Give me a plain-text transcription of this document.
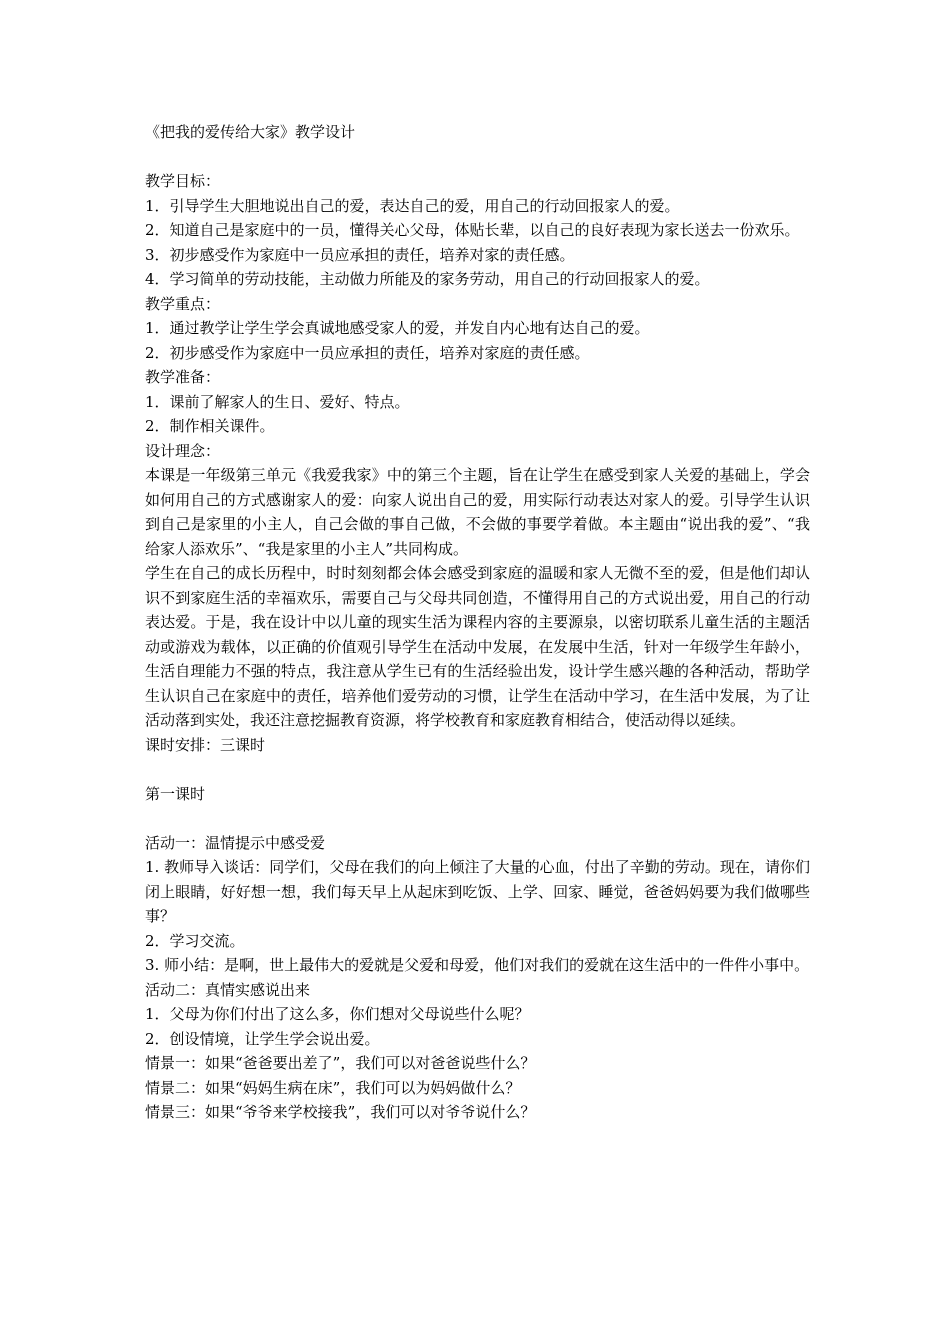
《把我的爱传给大家》教学设计

教学目标：

1．引导学生大胆地说出自己的爱，表达自己的爱，用自己的行动回报家人的爱。

2．知道自己是家庭中的一员，懂得关心父母，体贴长辈，以自己的良好表现为家长送去一份欢乐。

3．初步感受作为家庭中一员应承担的责任，培养对家的责任感。

4．学习简单的劳动技能，主动做力所能及的家务劳动，用自己的行动回报家人的爱。

教学重点：

1．通过教学让学生学会真诚地感受家人的爱，并发自内心地有达自己的爱。

2．初步感受作为家庭中一员应承担的责任，培养对家庭的责任感。

教学准备：

1．课前了解家人的生日、爱好、特点。

2．制作相关课件。

设计理念：

本课是一年级第三单元《我爱我家》中的第三个主题，旨在让学生在感受到家人关爱的基础上，学会如何用自己的方式感谢家人的爱：向家人说出自己的爱，用实际行动表达对家人的爱。引导学生认识到自己是家里的小主人，自己会做的事自己做，不会做的事要学着做。本主题由“说出我的爱”、“我给家人添欢乐”、“我是家里的小主人”共同构成。

学生在自己的成长历程中，时时刻刻都会体会感受到家庭的温暖和家人无微不至的爱，但是他们却认识不到家庭生活的幸福欢乐，需要自己与父母共同创造，不懂得用自己的方式说出爱，用自己的行动表达爱。于是，我在设计中以儿童的现实生活为课程内容的主要源泉，以密切联系儿童生活的主题活动或游戏为载体，以正确的价值观引导学生在活动中发展，在发展中生活，针对一年级学生年龄小，生活自理能力不强的特点，我注意从学生已有的生活经验出发，设计学生感兴趣的各种活动，帮助学生认识自己在家庭中的责任，培养他们爱劳动的习惯，让学生在活动中学习，在生活中发展，为了让活动落到实处，我还注意挖掘教育资源，将学校教育和家庭教育相结合，使活动得以延续。

课时安排：三课时

第一课时

活动一：温情提示中感受爱

1. 教师导入谈话：同学们，父母在我们的向上倾注了大量的心血，付出了辛勤的劳动。现在，请你们闭上眼睛，好好想一想，我们每天早上从起床到吃饭、上学、回家、睡觉，爸爸妈妈要为我们做哪些事？

2．学习交流。

3. 师小结：是啊，世上最伟大的爱就是父爱和母爱，他们对我们的爱就在这生活中的一件件小事中。

活动二：真情实感说出来

1．父母为你们付出了这么多，你们想对父母说些什么呢？

2．创设情境，让学生学会说出爱。

情景一：如果“爸爸要出差了”，我们可以对爸爸说些什么？

情景二：如果“妈妈生病在床”，我们可以为妈妈做什么？

情景三：如果“爷爷来学校接我”，我们可以对爷爷说什么？
